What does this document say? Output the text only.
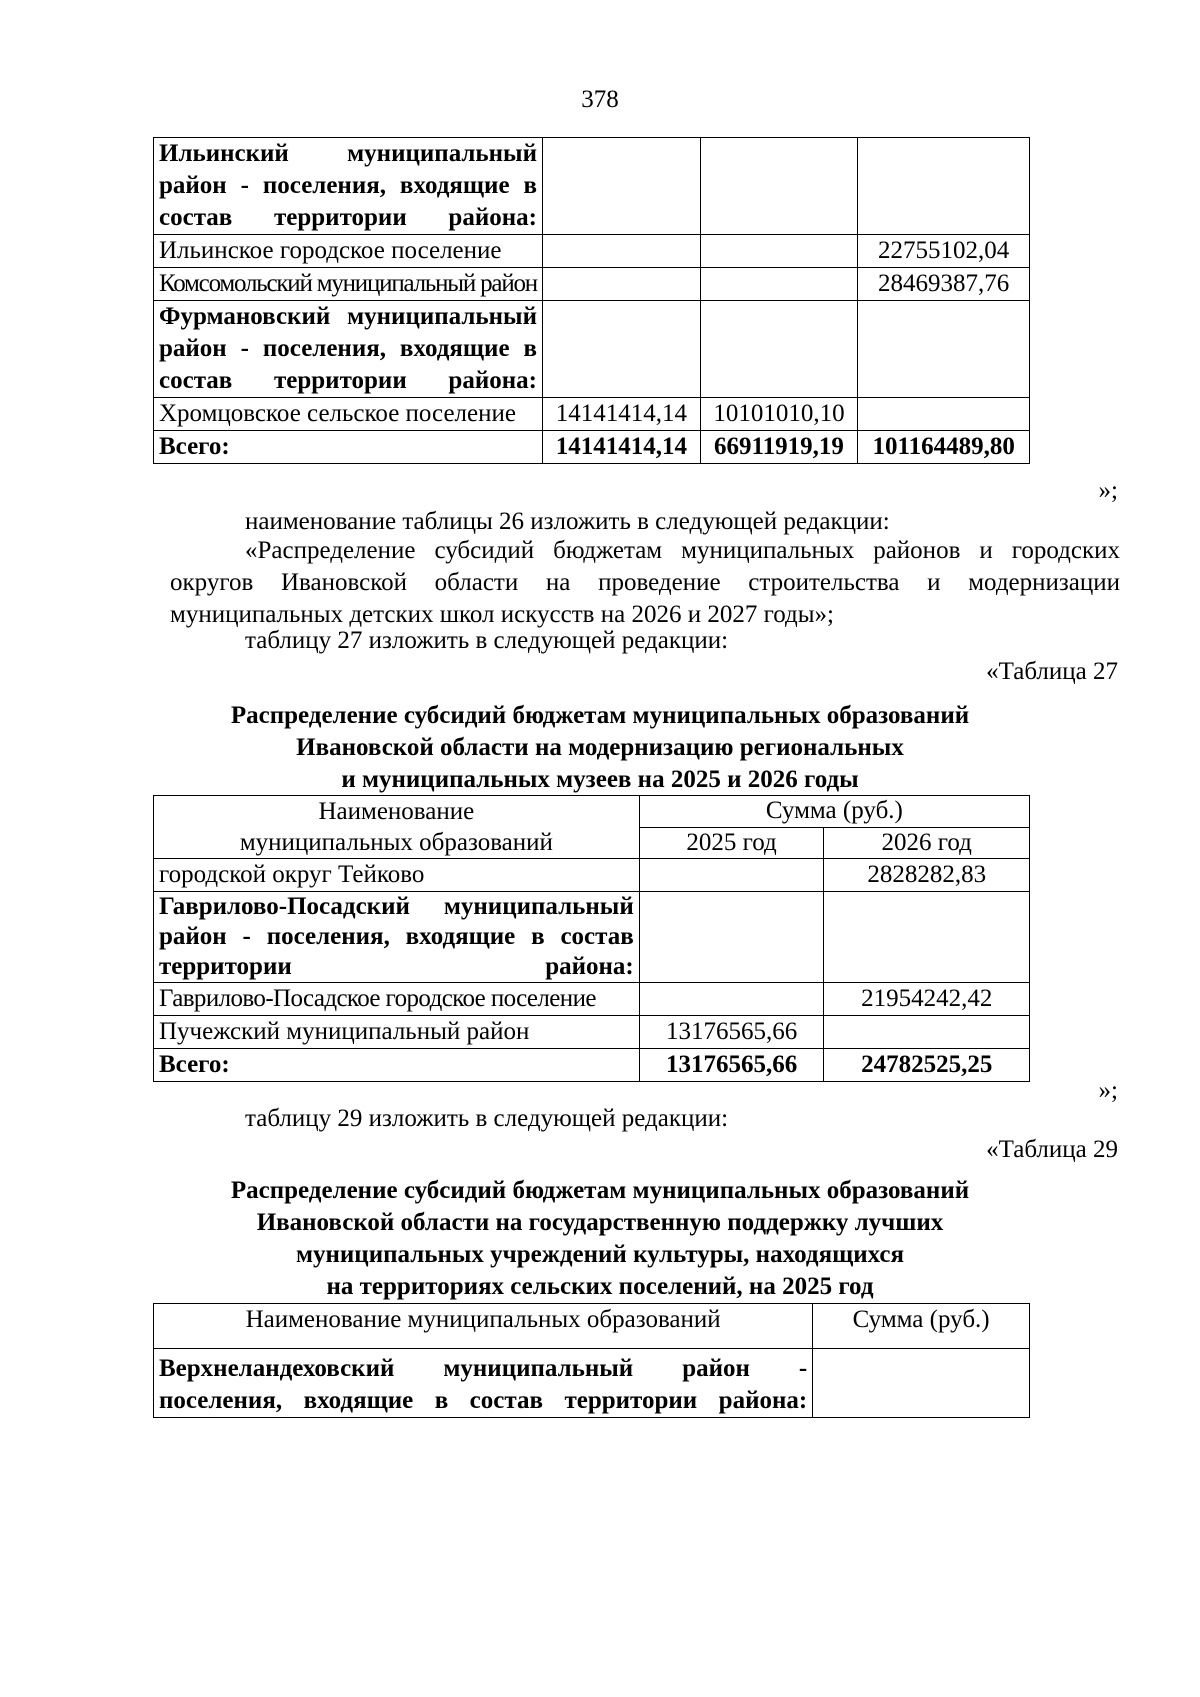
378
Ильинский муниципальный район - поселения, входящие в состав территории района:			
Ильинское городское поселение			22755102,04
Комсомольский муниципальный район			28469387,76
Фурмановский муниципальный район - поселения, входящие в состав территории района:			
Хромцовское сельское поселение	14141414,14	10101010,10	
Всего:	14141414,14	66911919,19	101164489,80
»;
наименование таблицы 26 изложить в следующей редакции:
«Распределение субсидий бюджетам муниципальных районов и городских округов Ивановской области на проведение строительства и модернизации муниципальных детских школ искусств на 2026 и 2027 годы»;
таблицу 27 изложить в следующей редакции:
«Таблица 27
Распределение субсидий бюджетам муниципальных образований
Ивановской области на модернизацию региональных
и муниципальных музеев на 2025 и 2026 годы
Наименование
муниципальных образований	Сумма (руб.)	
	2025 год	2026 год
городской округ Тейково		2828282,83
Гаврилово-Посадский муниципальный район - поселения, входящие в состав территории района:		
Гаврилово-Посадское городское поселение		21954242,42
Пучежский муниципальный район	13176565,66	
Всего:	13176565,66	24782525,25
»;
таблицу 29 изложить в следующей редакции:
«Таблица 29
Распределение субсидий бюджетам муниципальных образований
Ивановской области на государственную поддержку лучших
муниципальных учреждений культуры, находящихся
на территориях сельских поселений, на 2025 год
Наименование муниципальных образований	Сумма (руб.)
Верхнеландеховский муниципальный район - поселения, входящие в состав территории района:	
